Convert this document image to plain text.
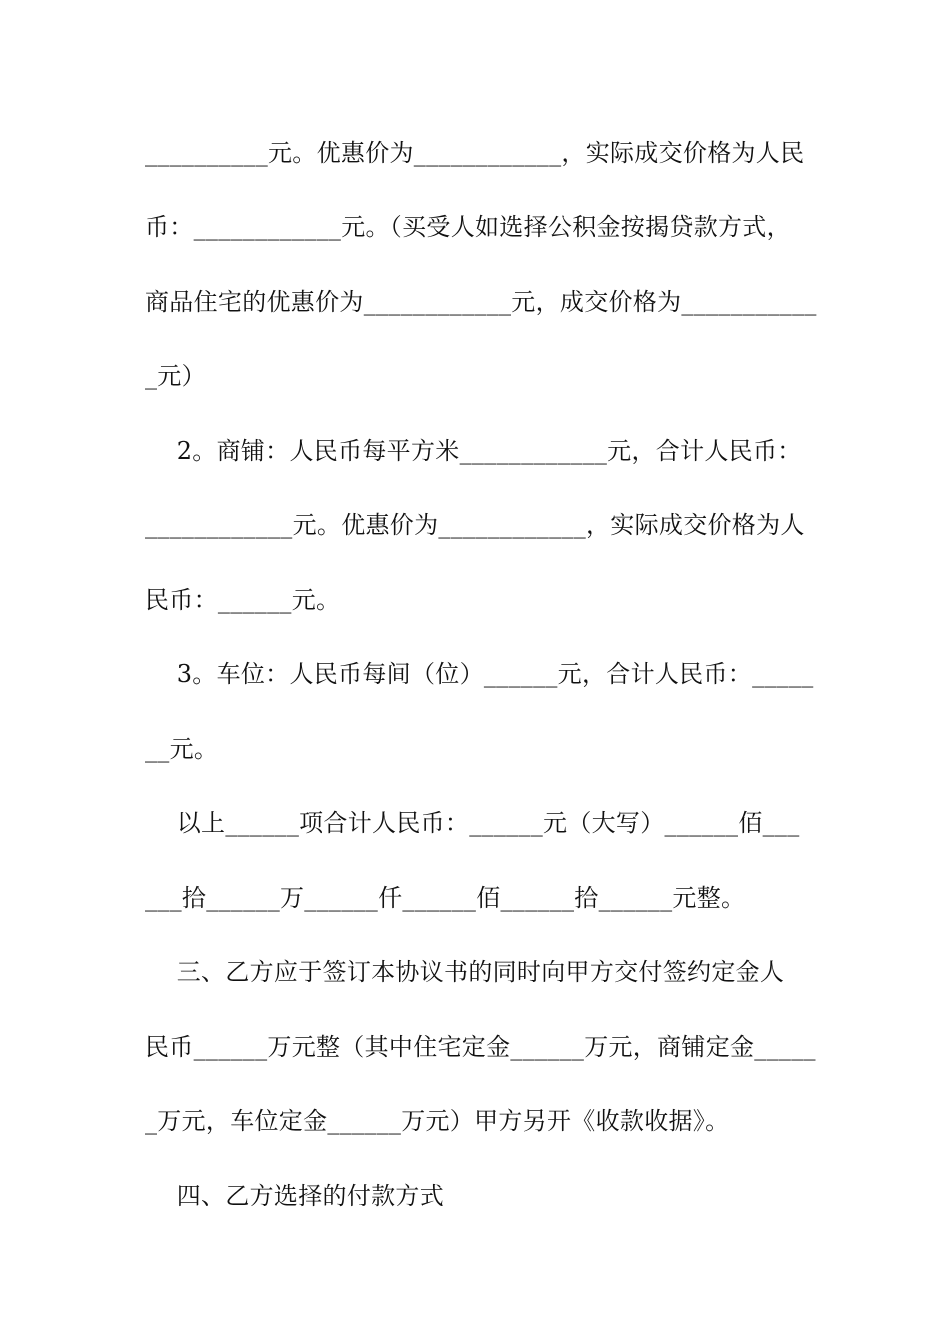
__________元。优惠价为____________，实际成交价格为人民
币：____________元。（买受人如选择公积金按揭贷款方式，
商品住宅的优惠价为____________元，成交价格为___________
_元）
2。商铺：人民币每平方米____________元，合计人民币：
____________元。优惠价为____________，实际成交价格为人
民币：______元。
3。车位：人民币每间（位）______元，合计人民币：_____
__元。
以上______项合计人民币：______元（大写）______佰___
___拾______万______仟______佰______拾______元整。
三、乙方应于签订本协议书的同时向甲方交付签约定金人
民币______万元整（其中住宅定金______万元，商铺定金_____
_万元，车位定金______万元）甲方另开《收款收据》。
四、乙方选择的付款方式
